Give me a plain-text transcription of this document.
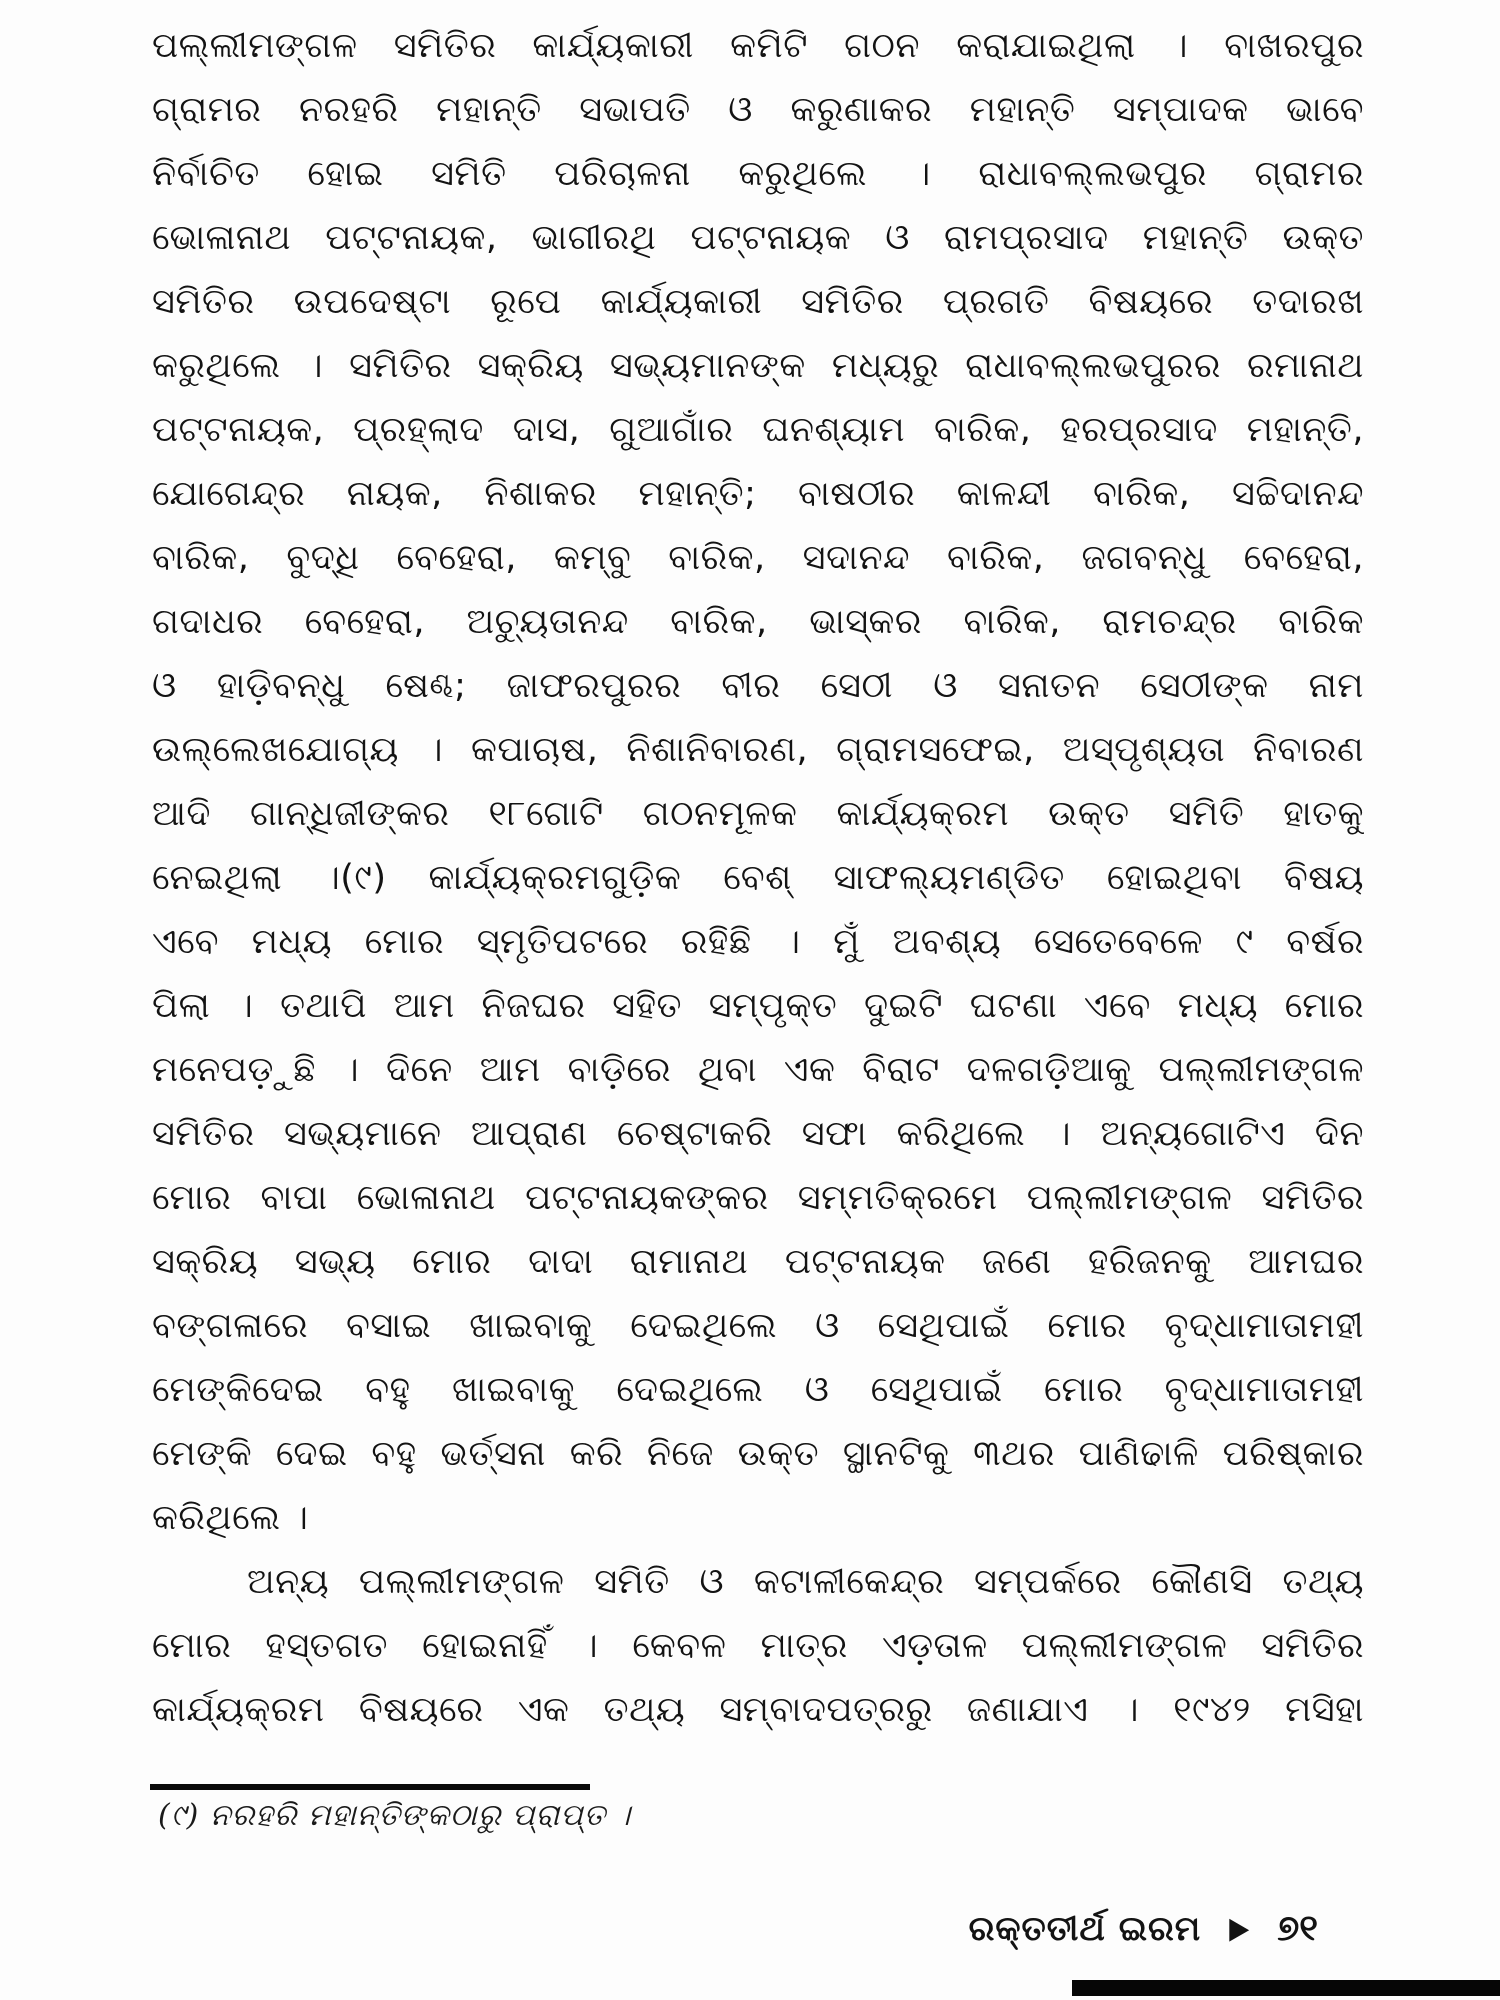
ପଲ୍ଲୀମଙ୍ଗଳ ସମିତିର କାର୍ଯ୍ୟକାରୀ କମିଟି ଗଠନ କରାଯାଇଥିଲା । ବାଖରପୁର
ଗ୍ରାମର ନରହରି ମହାନ୍ତି ସଭାପତି ଓ କରୁଣାକର ମହାନ୍ତି ସମ୍ପାଦକ ଭାବେ
ନିର୍ବାଚିତ ହୋଇ ସମିତି ପରିଚାଳନା କରୁଥିଲେ । ରାଧାବଲ୍ଲଭପୁର ଗ୍ରାମର
ଭୋଳାନାଥ ପଟ୍ଟନାୟକ, ଭାଗୀରଥି ପଟ୍ଟନାୟକ ଓ ରାମପ୍ରସାଦ ମହାନ୍ତି ଉକ୍ତ
ସମିତିର ଉପଦେଷ୍ଟା ରୂପେ କାର୍ଯ୍ୟକାରୀ ସମିତିର ପ୍ରଗତି ବିଷୟରେ ତଦାରଖ
କରୁଥିଲେ । ସମିତିର ସକ୍ରିୟ ସଭ୍ୟମାନଙ୍କ ମଧ୍ୟରୁ ରାଧାବଲ୍ଲଭପୁରର ରମାନାଥ
ପଟ୍ଟନାୟକ, ପ୍ରହ୍ଲାଦ ଦାସ, ଗୁଆଗାଁର ଘନଶ୍ୟାମ ବାରିକ, ହରପ୍ରସାଦ ମହାନ୍ତି,
ଯୋଗେନ୍ଦ୍ର ନାୟକ, ନିଶାକର ମହାନ୍ତି; ବାଷଠୀର କାଳନ୍ଦୀ ବାରିକ, ସଚ୍ଚିଦାନନ୍ଦ
ବାରିକ, ବୁଦ୍ଧି ବେହେରା, କମ୍ବୁ ବାରିକ, ସଦାନନ୍ଦ ବାରିକ, ଜଗବନ୍ଧୁ ବେହେରା,
ଗଦାଧର ବେହେରା, ଅଚ୍ୟୁତାନନ୍ଦ ବାରିକ, ଭାସ୍କର ବାରିକ, ରାମଚନ୍ଦ୍ର ବାରିକ
ଓ ହାଡ଼ିବନ୍ଧୁ ଷେଣ୍ଢ; ଜାଫରପୁରର ବୀର ସେଠୀ ଓ ସନାତନ ସେଠୀଙ୍କ ନାମ
ଉଲ୍ଲେଖଯୋଗ୍ୟ । କପାଚାଷ, ନିଶାନିବାରଣ, ଗ୍ରାମସଫେଇ, ଅସ୍ପୃଶ୍ୟତା ନିବାରଣ
ଆଦି ଗାନ୍ଧିଜୀଙ୍କର ୧୮ଗୋଟି ଗଠନମୂଳକ କାର୍ଯ୍ୟକ୍ରମ ଉକ୍ତ ସମିତି ହାତକୁ
ନେଇଥିଲା ।(୯) କାର୍ଯ୍ୟକ୍ରମଗୁଡ଼ିକ ବେଶ୍ ସାଫଲ୍ୟମଣ୍ଡିତ ହୋଇଥିବା ବିଷୟ
ଏବେ ମଧ୍ୟ ମୋର ସ୍ମୃତିପଟରେ ରହିଛି । ମୁଁ ଅବଶ୍ୟ ସେତେବେଳେ ୯ ବର୍ଷର
ପିଲା । ତଥାପି ଆମ ନିଜଘର ସହିତ ସମ୍ପୃକ୍ତ ଦୁଇଟି ଘଟଣା ଏବେ ମଧ୍ୟ ମୋର
ମନେପଡ଼ୁଛି । ଦିନେ ଆମ ବାଡ଼ିରେ ଥିବା ଏକ ବିରାଟ ଦଳଗଡ଼ିଆକୁ ପଲ୍ଲୀମଙ୍ଗଳ
ସମିତିର ସଭ୍ୟମାନେ ଆପ୍ରାଣ ଚେଷ୍ଟାକରି ସଫା କରିଥିଲେ । ଅନ୍ୟଗୋଟିଏ ଦିନ
ମୋର ବାପା ଭୋଳାନାଥ ପଟ୍ଟନାୟକଙ୍କର ସମ୍ମତିକ୍ରମେ ପଲ୍ଲୀମଙ୍ଗଳ ସମିତିର
ସକ୍ରିୟ ସଭ୍ୟ ମୋର ଦାଦା ରାମାନାଥ ପଟ୍ଟନାୟକ ଜଣେ ହରିଜନକୁ ଆମଘର
ବଙ୍ଗଳାରେ ବସାଇ ଖାଇବାକୁ ଦେଇଥିଲେ ଓ ସେଥିପାଇଁ ମୋର ବୃଦ୍ଧାମାତାମହୀ
ମେଙ୍କିଦେଇ ବହୁ ଖାଇବାକୁ ଦେଇଥିଲେ ଓ ସେଥିପାଇଁ ମୋର ବୃଦ୍ଧାମାତାମହୀ
ମେଙ୍କି ଦେଇ ବହୁ ଭର୍ତ୍ସନା କରି ନିଜେ ଉକ୍ତ ସ୍ଥାନଟିକୁ ୩ଥର ପାଣିଢାଳି ପରିଷ୍କାର
କରିଥିଲେ ।
ଅନ୍ୟ ପଲ୍ଲୀମଙ୍ଗଳ ସମିତି ଓ କଟାଳୀକେନ୍ଦ୍ର ସମ୍ପର୍କରେ କୌଣସି ତଥ୍ୟ
ମୋର ହସ୍ତଗତ ହୋଇନାହିଁ । କେବଳ ମାତ୍ର ଏଡ଼ତାଳ ପଲ୍ଲୀମଙ୍ଗଳ ସମିତିର
କାର୍ଯ୍ୟକ୍ରମ ବିଷୟରେ ଏକ ତଥ୍ୟ ସମ୍ବାଦପତ୍ରରୁ ଜଣାଯାଏ । ୧୯୪୨ ମସିହା
(୯) ନରହରି ମହାନ୍ତିଙ୍କଠାରୁ ପ୍ରାପ୍ତ ।
ରକ୍ତତୀର୍ଥ ଇରମ ▶ ୭୧
